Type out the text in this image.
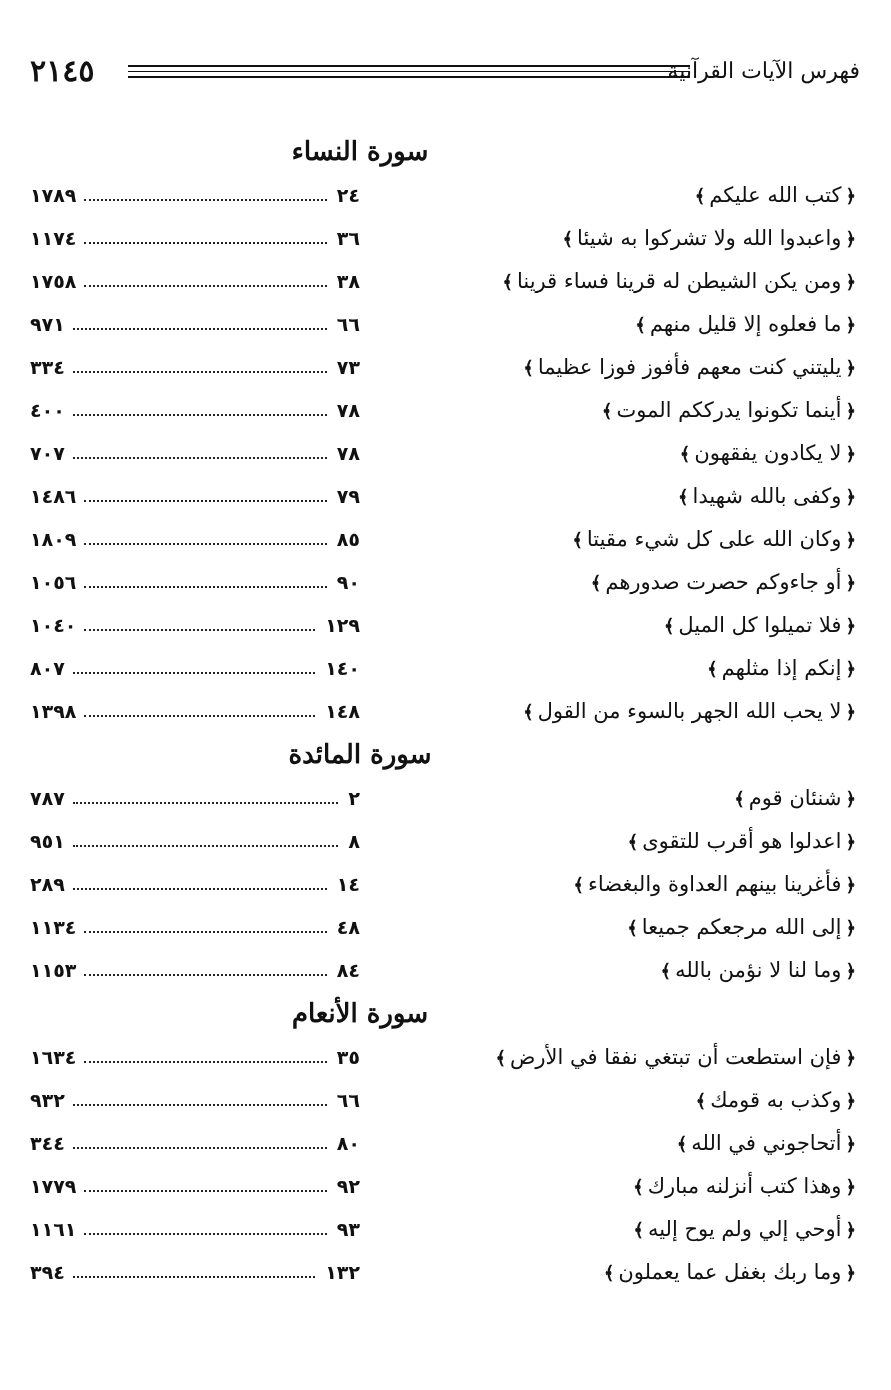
٢١٤٥	فهرس الآيات القرآنية
سورة النساء
﴿كتب الله عليكم﴾
٢٤
١٧٨٩
﴿واعبدوا الله ولا تشركوا به شيئا﴾
٣٦
١١٧٤
﴿ومن يكن الشيطن له قرينا فساء قرينا﴾
٣٨
١٧٥٨
﴿ما فعلوه إلا قليل منهم﴾
٦٦
٩٧١
﴿يليتني كنت معهم فأفوز فوزا عظيما﴾
٧٣
٣٣٤
﴿أينما تكونوا يدرككم الموت﴾
٧٨
٤٠٠
﴿لا يكادون يفقهون﴾
٧٨
٧٠٧
﴿وكفى بالله شهيدا﴾
٧٩
١٤٨٦
﴿وكان الله على كل شيء مقيتا﴾
٨٥
١٨٠٩
﴿أو جاءوكم حصرت صدورهم﴾
٩٠
١٠٥٦
﴿فلا تميلوا كل الميل﴾
١٢٩
١٠٤٠
﴿إنكم إذا مثلهم﴾
١٤٠
٨٠٧
﴿لا يحب الله الجهر بالسوء من القول﴾
١٤٨
١٣٩٨
سورة المائدة
﴿شنئان قوم﴾
٢
٧٨٧
﴿اعدلوا هو أقرب للتقوى﴾
٨
٩٥١
﴿فأغرينا بينهم العداوة والبغضاء﴾
١٤
٢٨٩
﴿إلى الله مرجعكم جميعا﴾
٤٨
١١٣٤
﴿وما لنا لا نؤمن بالله﴾
٨٤
١١٥٣
سورة الأنعام
﴿فإن استطعت أن تبتغي نفقا في الأرض﴾
٣٥
١٦٣٤
﴿وكذب به قومك﴾
٦٦
٩٣٢
﴿أتحاجوني في الله﴾
٨٠
٣٤٤
﴿وهذا كتب أنزلنه مبارك﴾
٩٢
١٧٧٩
﴿أوحي إلي ولم يوح إليه﴾
٩٣
١١٦١
﴿وما ربك بغفل عما يعملون﴾
١٣٢
٣٩٤
